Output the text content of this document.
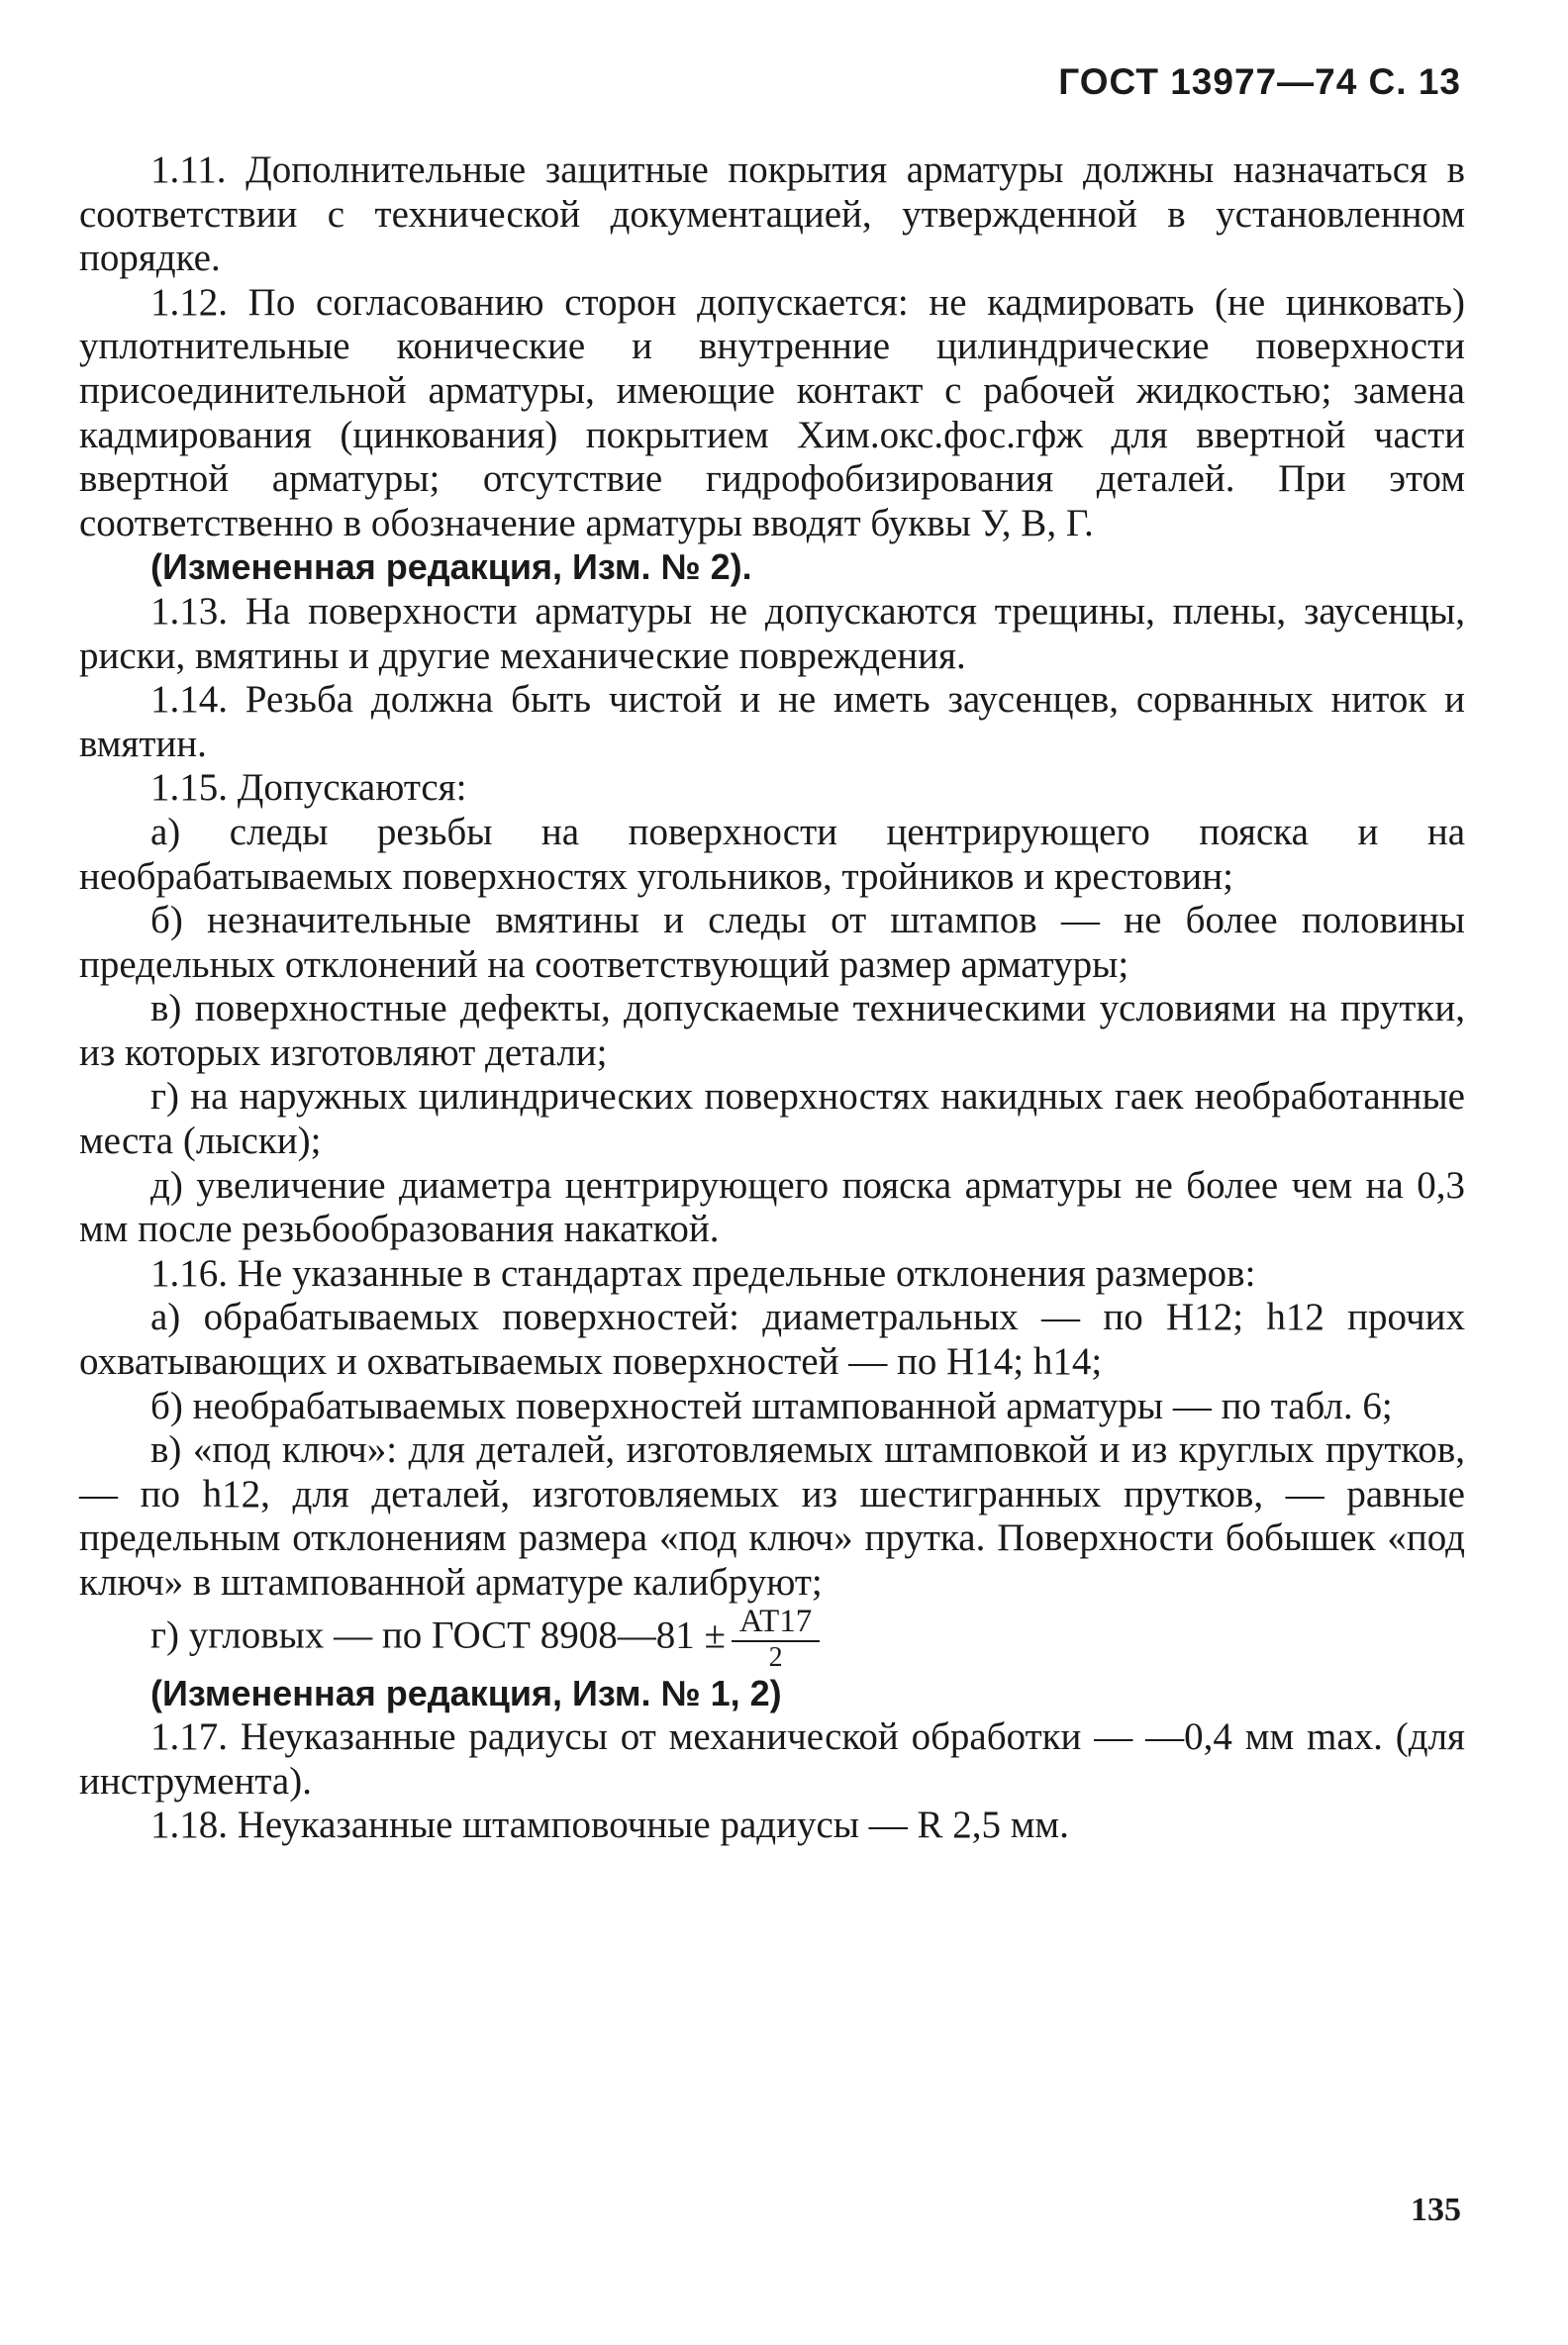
ГОСТ 13977—74 С. 13

1.11. Дополнительные защитные покрытия арматуры должны назначаться в соответствии с технической документацией, утвержденной в установленном порядке.

1.12. По согласованию сторон допускается: не кадмировать (не цинковать) уплотнительные конические и внутренние цилиндрические поверхности присоединительной арматуры, имеющие контакт с рабочей жидкостью; замена кадмирования (цинкования) покрытием Хим.окс.фос.гфж для ввертной части ввертной арматуры; отсутствие гидрофобизирования деталей. При этом соответственно в обозначение арматуры вводят буквы У, В, Г.

(Измененная редакция, Изм. № 2).

1.13. На поверхности арматуры не допускаются трещины, плены, заусенцы, риски, вмятины и другие механические повреждения.

1.14. Резьба должна быть чистой и не иметь заусенцев, сорванных ниток и вмятин.

1.15. Допускаются:

а) следы резьбы на поверхности центрирующего пояска и на необрабатываемых поверхностях угольников, тройников и крестовин;

б) незначительные вмятины и следы от штампов — не более половины предельных отклонений на соответствующий размер арматуры;

в) поверхностные дефекты, допускаемые техническими условиями на прутки, из которых изготовляют детали;

г) на наружных цилиндрических поверхностях накидных гаек необработанные места (лыски);

д) увеличение диаметра центрирующего пояска арматуры не более чем на 0,3 мм после резьбообразования накаткой.

1.16. Не указанные в стандартах предельные отклонения размеров:

а) обрабатываемых поверхностей: диаметральных — по H12; h12 прочих охватывающих и охватываемых поверхностей — по H14; h14;

б) необрабатываемых поверхностей штампованной арматуры — по табл. 6;

в) «под ключ»: для деталей, изготовляемых штамповкой и из круглых прутков, — по h12, для деталей, изготовляемых из шестигранных прутков, — равные предельным отклонениям размера «под ключ» прутка. Поверхности бобышек «под ключ» в штампованной арматуре калибруют;

г) угловых — по ГОСТ 8908—81 ± $\frac{AT17}{2}$

(Измененная редакция, Изм. № 1, 2)

1.17. Неуказанные радиусы от механической обработки — —0,4 мм max. (для инструмента).

1.18. Неуказанные штамповочные радиусы — R 2,5 мм.

135
